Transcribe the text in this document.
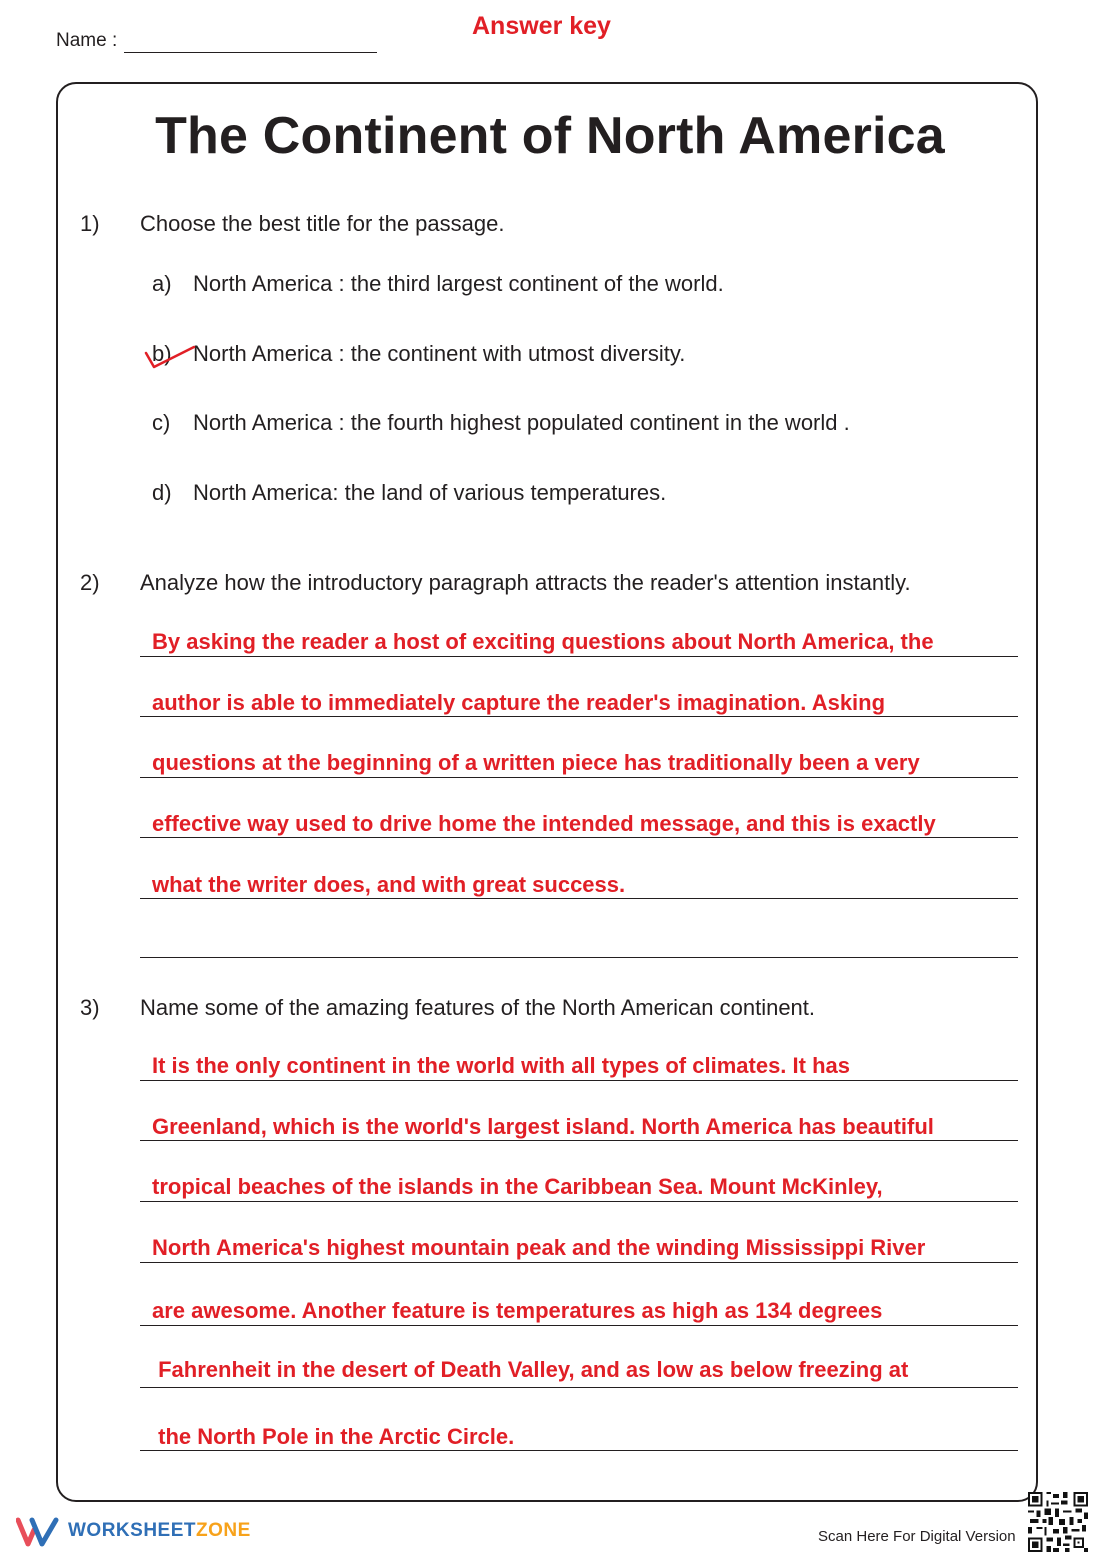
Name :
Answer key
The Continent of North America
1) Choose the best title for the passage.
a) North America : the third largest continent of the world.
b) North America : the continent with utmost diversity.
c) North America : the fourth highest populated continent in the world .
d) North America: the land of various temperatures.
2) Analyze how the introductory paragraph attracts the reader's attention instantly.
By asking the reader a host of exciting questions about North America, the
author is able to immediately capture the reader's imagination. Asking
questions at the beginning of a written piece has traditionally been a very
effective way used to drive home the intended message, and this is exactly
what the writer does, and with great success.
3) Name some of the amazing features of the North American continent.
It is the only continent in the world with all types of climates. It has
Greenland, which is the world's largest island. North America has beautiful
tropical beaches of the islands in the Caribbean Sea. Mount McKinley,
North America's highest mountain peak and the winding Mississippi River
are awesome. Another feature is temperatures as high as 134 degrees
Fahrenheit in the desert of Death Valley, and as low as below freezing at
the North Pole in the Arctic Circle.
WORKSHEETZONE	Scan Here For Digital Version
